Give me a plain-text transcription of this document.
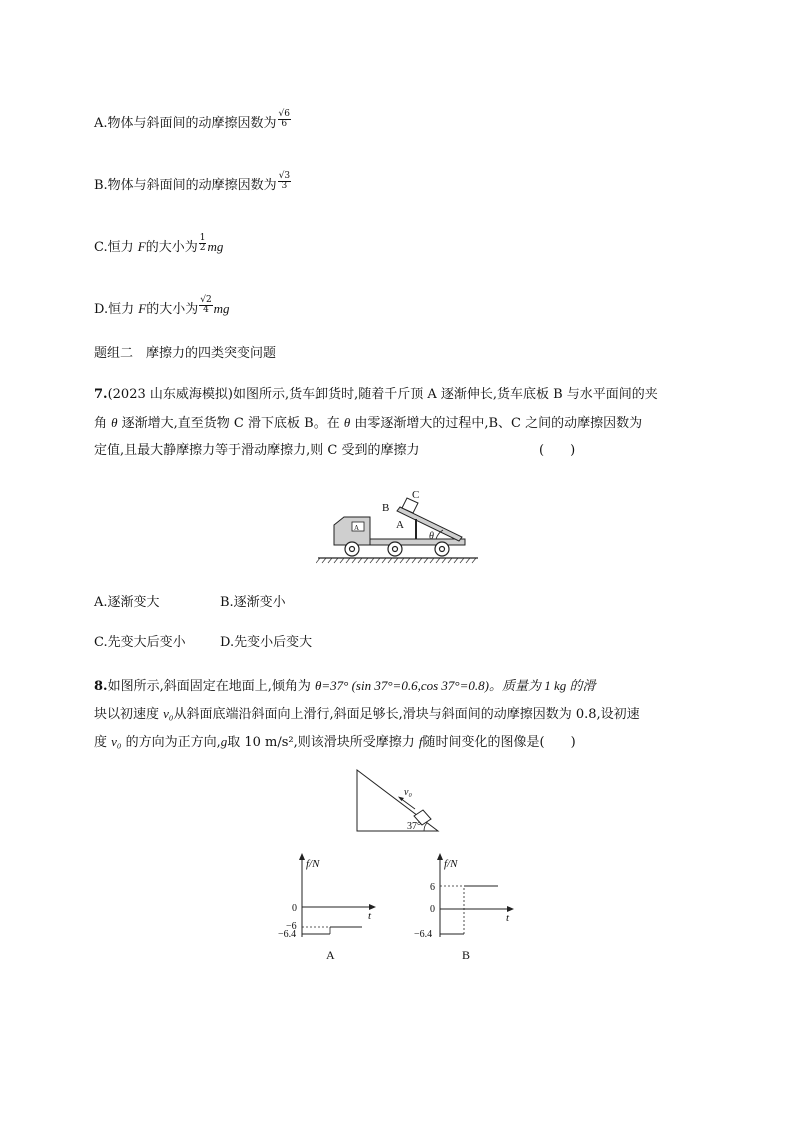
A.物体与斜面间的动摩擦因数为 $\frac{√6}{6}$
B.物体与斜面间的动摩擦因数为 $\frac{√3}{3}$
C.恒力 F的大小为 $\frac{1}{2}$ mg
D.恒力 F的大小为 $\frac{√2}{4}$ mg
题组二　摩擦力的四类突变问题
7.(2023 山东威海模拟)如图所示,货车卸货时,随着千斤顶 A 逐渐伸长,货车底板 B 与水平面间的夹
角 θ 逐渐增大,直至货物 C 滑下底板 B。在 θ 由零逐渐增大的过程中,B、C 之间的动摩擦因数为
定值,且最大静摩擦力等于滑动摩擦力,则 C 受到的摩擦力	(　　)
A
B
C
A
θ
A.逐渐变大	B.逐渐变小
C.先变大后变小	D.先变小后变大
8.如图所示,斜面固定在地面上,倾角为 θ=37° (sin 37°=0.6,cos 37°=0.8)。质量为 1 kg 的滑
块以初速度 v₀从斜面底端沿斜面向上滑行,斜面足够长,滑块与斜面间的动摩擦因数为 0.8,设初速
度 v₀ 的方向为正方向,g取 10 m/s²,则该滑块所受摩擦力 f随时间变化的图像是(　　)
v₀
37°
f/N
t
0
−6
−6.4
A
f/N
t
6
0
−6.4
B
